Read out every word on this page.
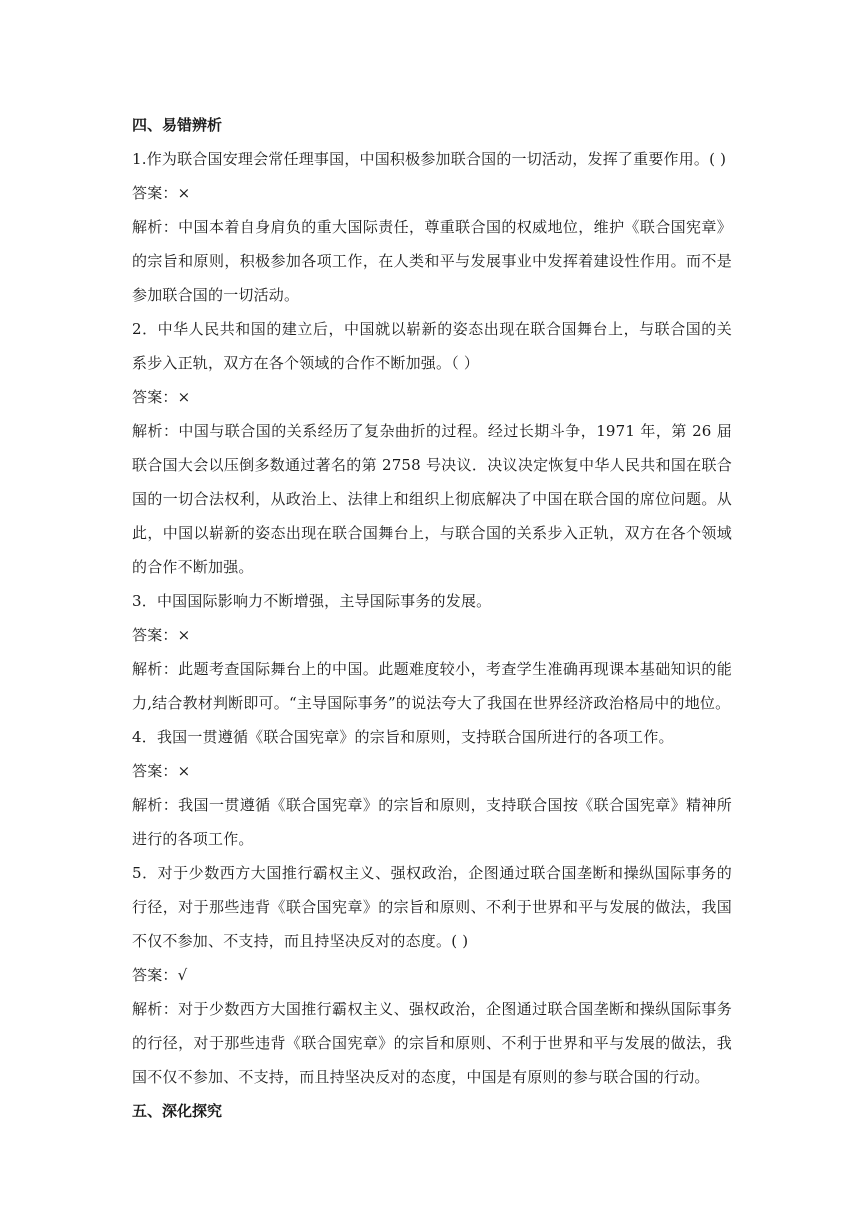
四、易错辨析

1.作为联合国安理会常任理事国，中国积极参加联合国的一切活动，发挥了重要作用。( )

答案：×

解析：中国本着自身肩负的重大国际责任，尊重联合国的权威地位，维护《联合国宪章》的宗旨和原则，积极参加各项工作，在人类和平与发展事业中发挥着建设性作用。而不是参加联合国的一切活动。

2．中华人民共和国的建立后，中国就以崭新的姿态出现在联合国舞台上，与联合国的关系步入正轨，双方在各个领域的合作不断加强。（ ）

答案：×

解析：中国与联合国的关系经历了复杂曲折的过程。经过长期斗争，1971 年，第 26 届联合国大会以压倒多数通过著名的第 2758 号决议．决议决定恢复中华人民共和国在联合国的一切合法权利，从政治上、法律上和组织上彻底解决了中国在联合国的席位问题。从此，中国以崭新的姿态出现在联合国舞台上，与联合国的关系步入正轨，双方在各个领域的合作不断加强。

3．中国国际影响力不断增强，主导国际事务的发展。

答案：×

解析：此题考查国际舞台上的中国。此题难度较小，考查学生准确再现课本基础知识的能力,结合教材判断即可。“主导国际事务”的说法夸大了我国在世界经济政治格局中的地位。

4．我国一贯遵循《联合国宪章》的宗旨和原则，支持联合国所进行的各项工作。

答案：×

解析：我国一贯遵循《联合国宪章》的宗旨和原则，支持联合国按《联合国宪章》精神所进行的各项工作。

5．对于少数西方大国推行霸权主义、强权政治，企图通过联合国垄断和操纵国际事务的行径，对于那些违背《联合国宪章》的宗旨和原则、不利于世界和平与发展的做法，我国不仅不参加、不支持，而且持坚决反对的态度。( )

答案：√

解析：对于少数西方大国推行霸权主义、强权政治，企图通过联合国垄断和操纵国际事务的行径，对于那些违背《联合国宪章》的宗旨和原则、不利于世界和平与发展的做法，我国不仅不参加、不支持，而且持坚决反对的态度，中国是有原则的参与联合国的行动。

五、深化探究
